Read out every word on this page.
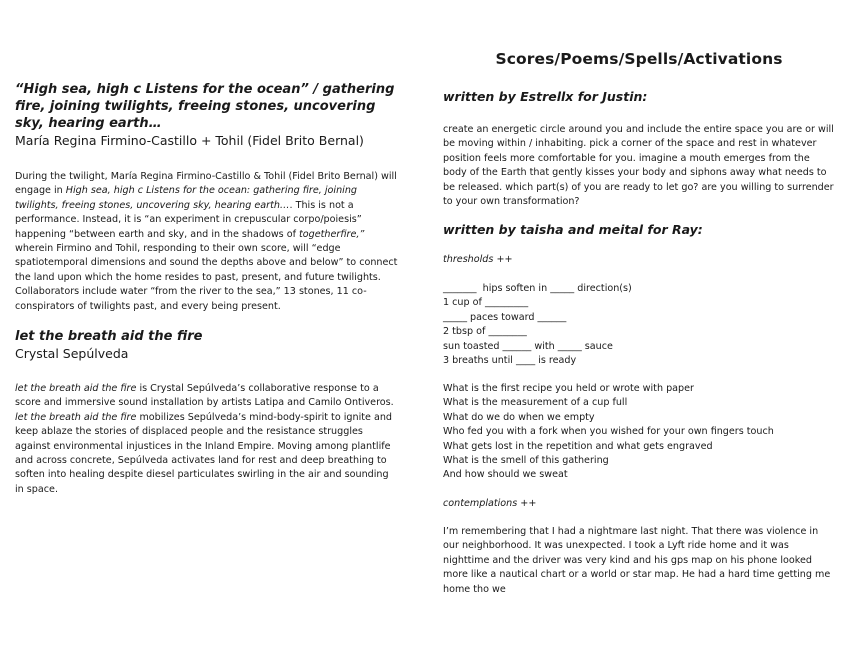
Scores/Poems/Spells/Activations

“High sea, high c Listens for the ocean” / gathering fire, joining twilights, freeing stones, uncovering sky, hearing earth…

María Regina Firmino-Castillo + Tohil (Fidel Brito Bernal)

During the twilight, María Regina Firmino-Castillo & Tohil (Fidel Brito Bernal) will engage in High sea, high c Listens for the ocean: gathering fire, joining twilights, freeing stones, uncovering sky, hearing earth…. This is not a performance. Instead, it is “an experiment in crepuscular corpo/poiesis” happening “between earth and sky, and in the shadows of togetherfire,” wherein Firmino and Tohil, responding to their own score, will “edge spatiotemporal dimensions and sound the depths above and below” to connect the land upon which the home resides to past, present, and future twilights. Collaborators include water “from the river to the sea,” 13 stones, 11 co-conspirators of twilights past, and every being present.

let the breath aid the fire

Crystal Sepúlveda

let the breath aid the fire is Crystal Sepúlveda’s collaborative response to a score and immersive sound installation by artists Latipa and Camilo Ontiveros. let the breath aid the fire mobilizes Sepúlveda’s mind-body-spirit to ignite and keep ablaze the stories of displaced people and the resistance struggles against environmental injustices in the Inland Empire. Moving among plantlife and across concrete, Sepúlveda activates land for rest and deep breathing to soften into healing despite diesel particulates swirling in the air and sounding in space.

written by Estrellx for Justin:

create an energetic circle around you and include the entire space you are or will be moving within / inhabiting. pick a corner of the space and rest in whatever position feels more comfortable for you. imagine a mouth emerges from the body of the Earth that gently kisses your body and siphons away what needs to be released. which part(s) of you are ready to let go? are you willing to surrender to your own transformation?

written by taisha and meital for Ray:

thresholds ++

_______  hips soften in _____ direction(s)

1 cup of _________

_____ paces toward ______

2 tbsp of ________

sun toasted ______ with _____ sauce

3 breaths until ____ is ready

What is the first recipe you held or wrote with paper

What is the measurement of a cup full

What do we do when we empty

Who fed you with a fork when you wished for your own fingers touch

What gets lost in the repetition and what gets engraved

What is the smell of this gathering

And how should we sweat

contemplations ++

I’m remembering that I had a nightmare last night. That there was violence in our neighborhood. It was unexpected. I took a Lyft ride home and it was nighttime and the driver was very kind and his gps map on his phone looked more like a nautical chart or a world or star map. He had a hard time getting me home tho we
